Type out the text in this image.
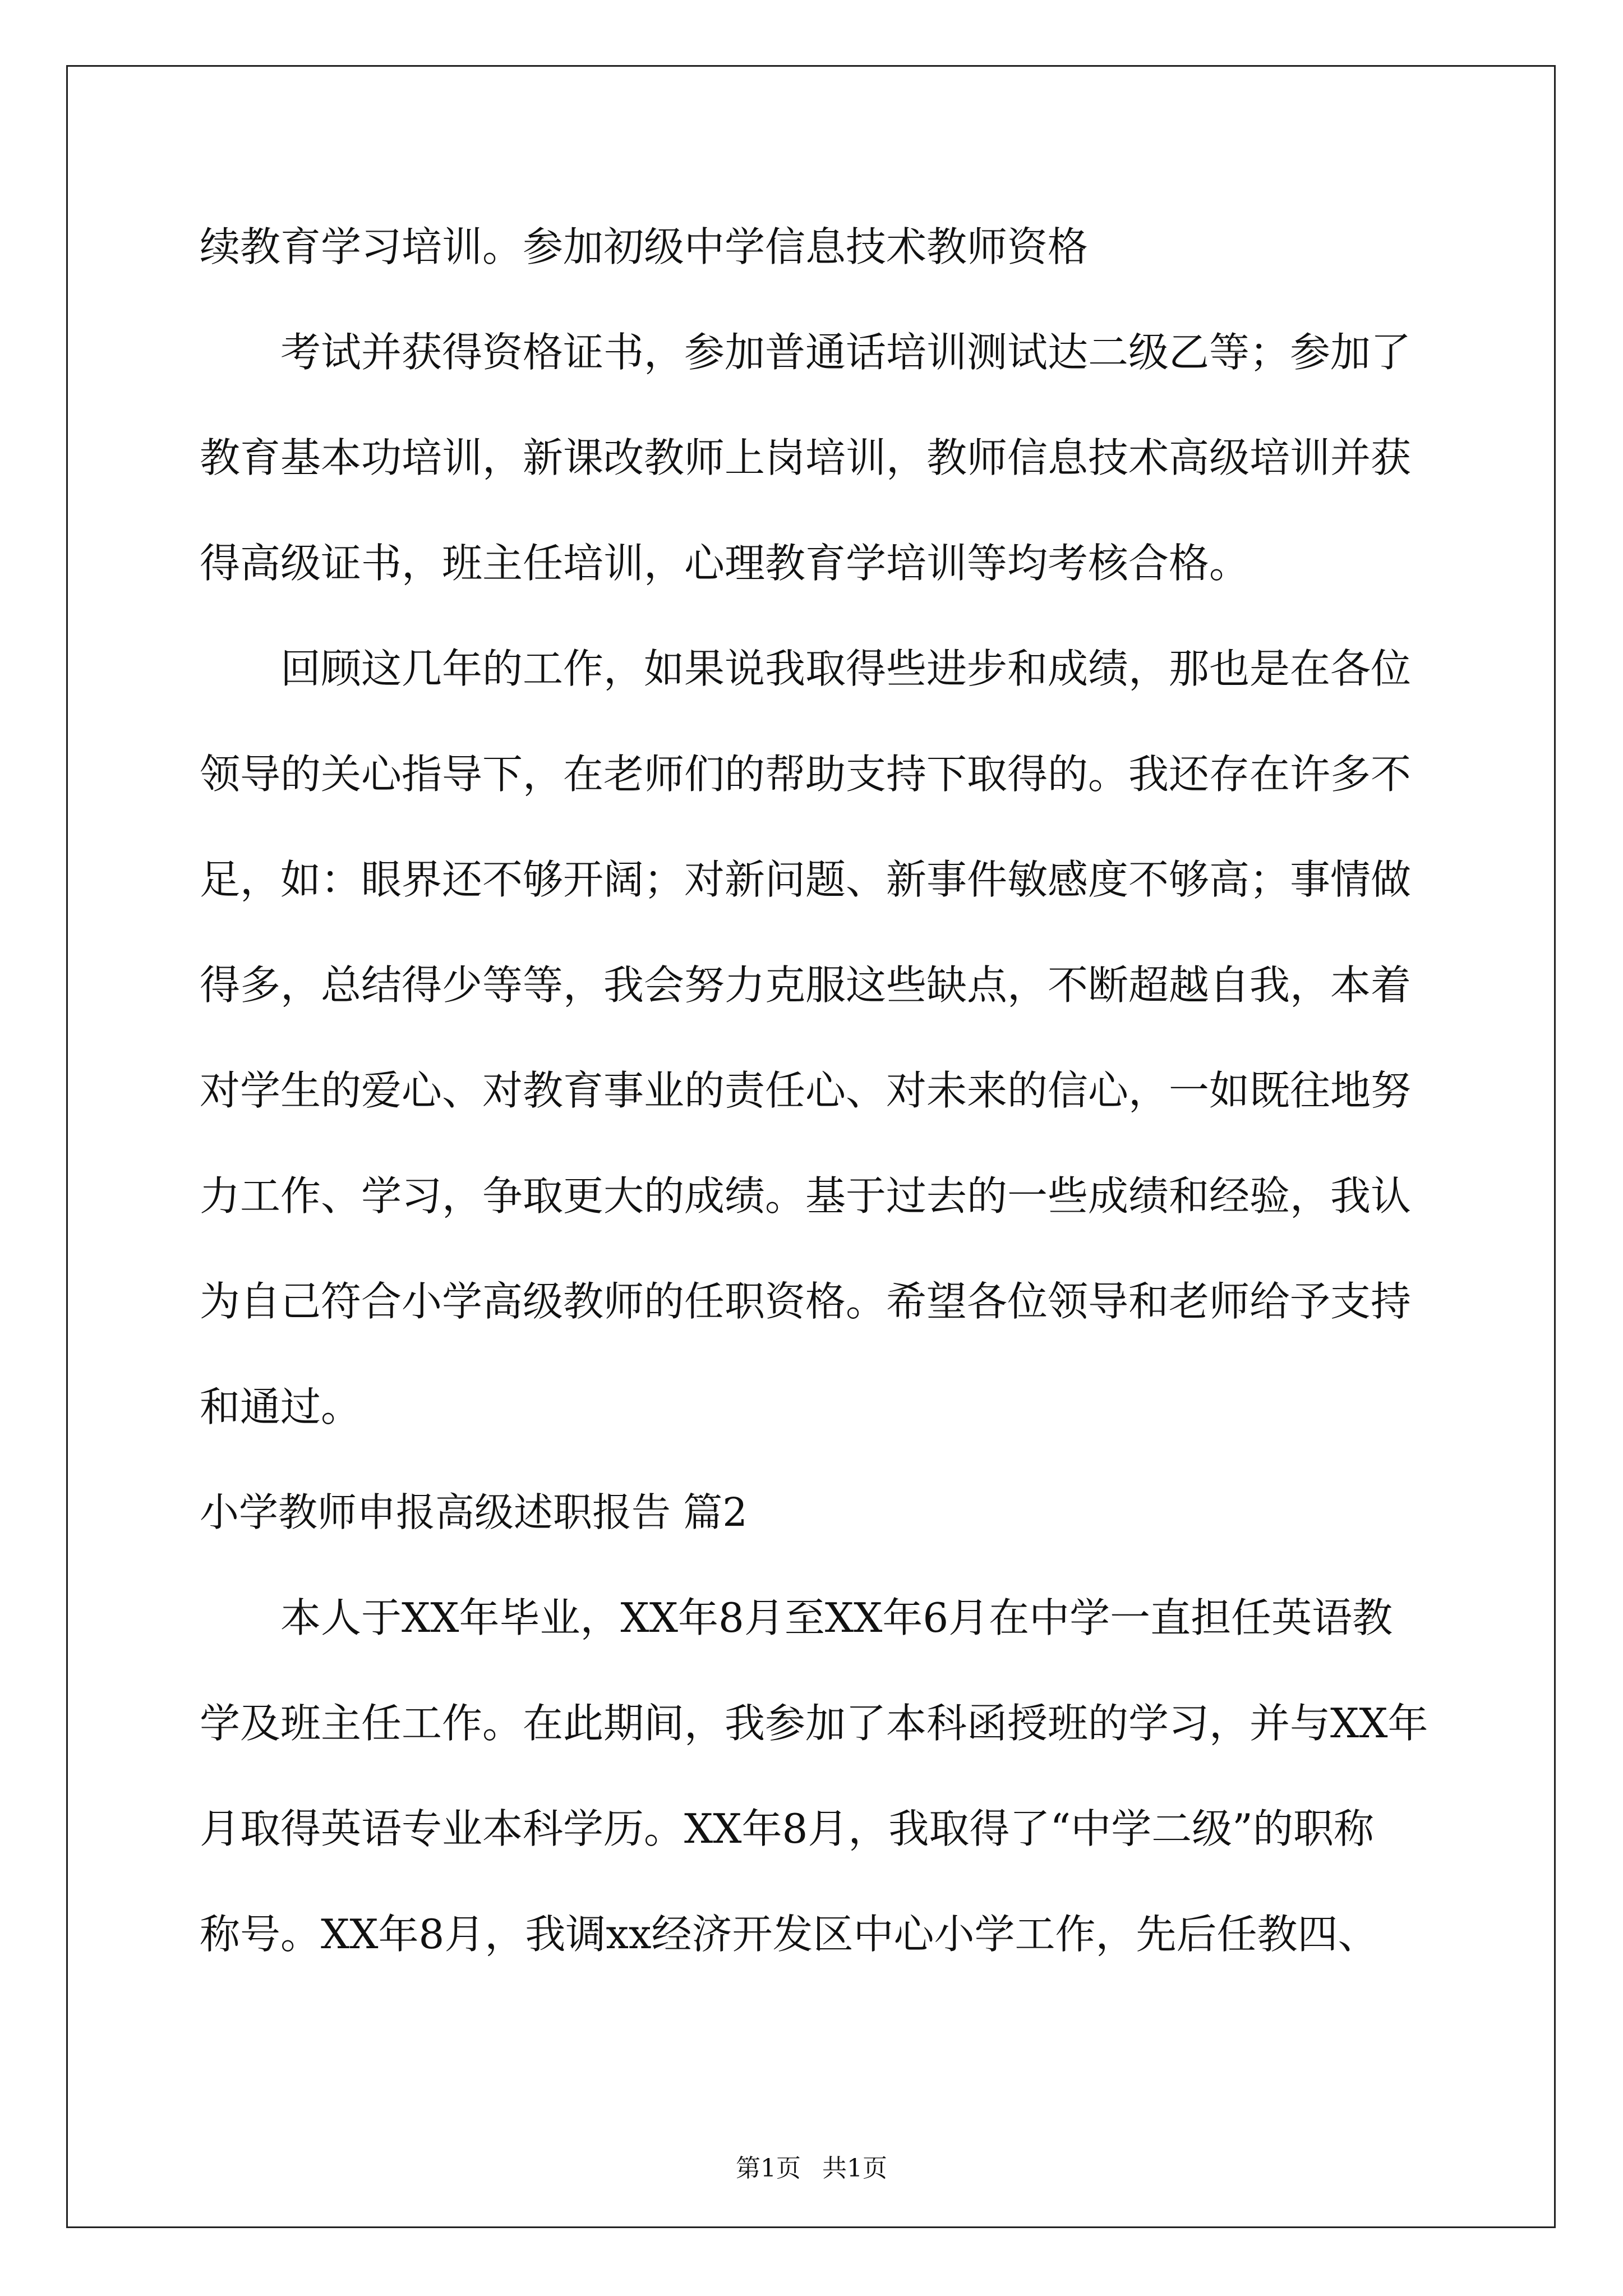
续教育学习培训。参加初级中学信息技术教师资格
考试并获得资格证书，参加普通话培训测试达二级乙等；参加了
教育基本功培训，新课改教师上岗培训，教师信息技术高级培训并获
得高级证书，班主任培训，心理教育学培训等均考核合格。
回顾这几年的工作，如果说我取得些进步和成绩，那也是在各位
领导的关心指导下，在老师们的帮助支持下取得的。我还存在许多不
足，如：眼界还不够开阔；对新问题、新事件敏感度不够高；事情做
得多，总结得少等等，我会努力克服这些缺点，不断超越自我，本着
对学生的爱心、对教育事业的责任心、对未来的信心，一如既往地努
力工作、学习，争取更大的成绩。基于过去的一些成绩和经验，我认
为自己符合小学高级教师的任职资格。希望各位领导和老师给予支持
和通过。
小学教师申报高级述职报告 篇2
本人于XX年毕业，XX年8月至XX年6月在中学一直担任英语教
学及班主任工作。在此期间，我参加了本科函授班的学习，并与XX年
月取得英语专业本科学历。XX年8月，我取得了“中学二级”的职称
称号。XX年8月，我调xx经济开发区中心小学工作，先后任教四、
第1页 共1页
